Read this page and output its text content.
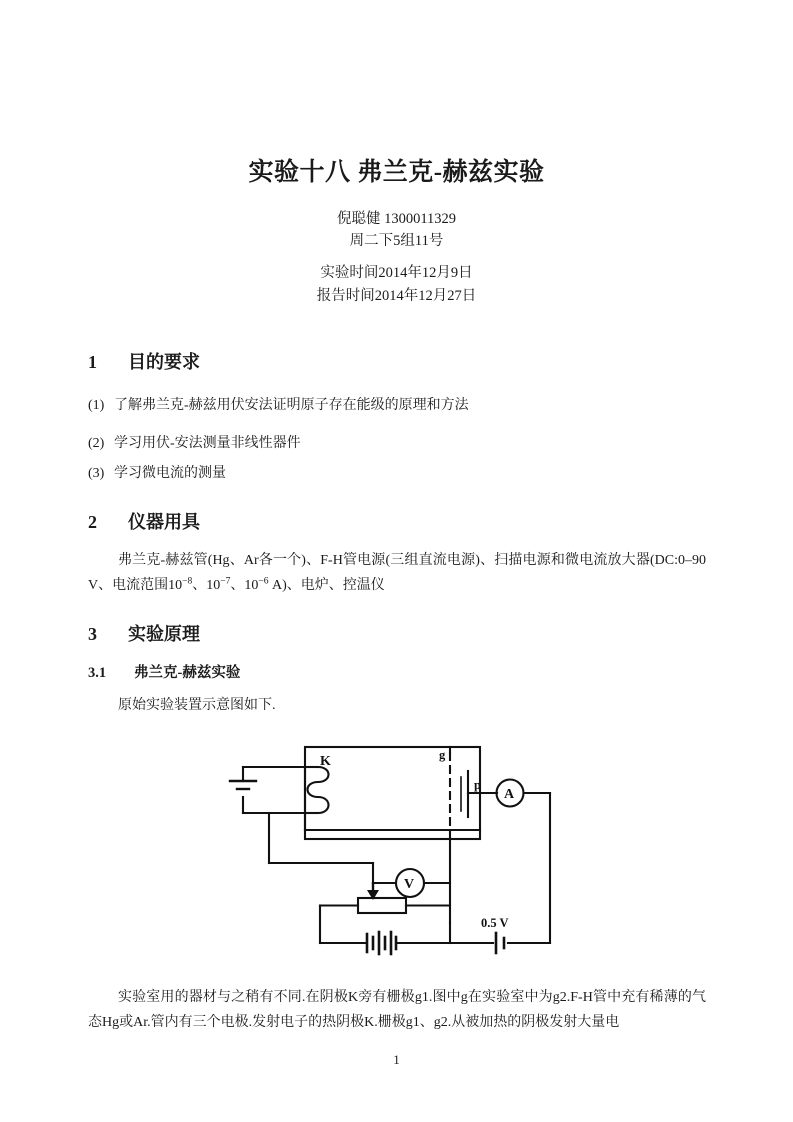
实验十八 弗兰克-赫兹实验
倪聪健 1300011329
周二下5组11号
实验时间2014年12月9日
报告时间2014年12月27日
1 目的要求
(1) 了解弗兰克-赫兹用伏安法证明原子存在能级的原理和方法
(2) 学习用伏-安法测量非线性器件
(3) 学习微电流的测量
2 仪器用具
弗兰克-赫兹管(Hg、Ar各一个)、F-H管电源(三组直流电源)、扫描电源和微电流放大器(DC:0–90 V、电流范围$10^{-8}$、$10^{-7}$、$10^{-6}$ A)、电炉、控温仪
3 实验原理
3.1 弗兰克-赫兹实验
原始实验装置示意图如下.
K	g
p
A
V
0.5 V
实验室用的器材与之稍有不同.在阴极K旁有栅极g1.图中g在实验室中为g2.F-H管中充有稀薄的气态Hg或Ar.管内有三个电极.发射电子的热阴极K.栅极g1、g2.从被加热的阴极发射大量电
1
